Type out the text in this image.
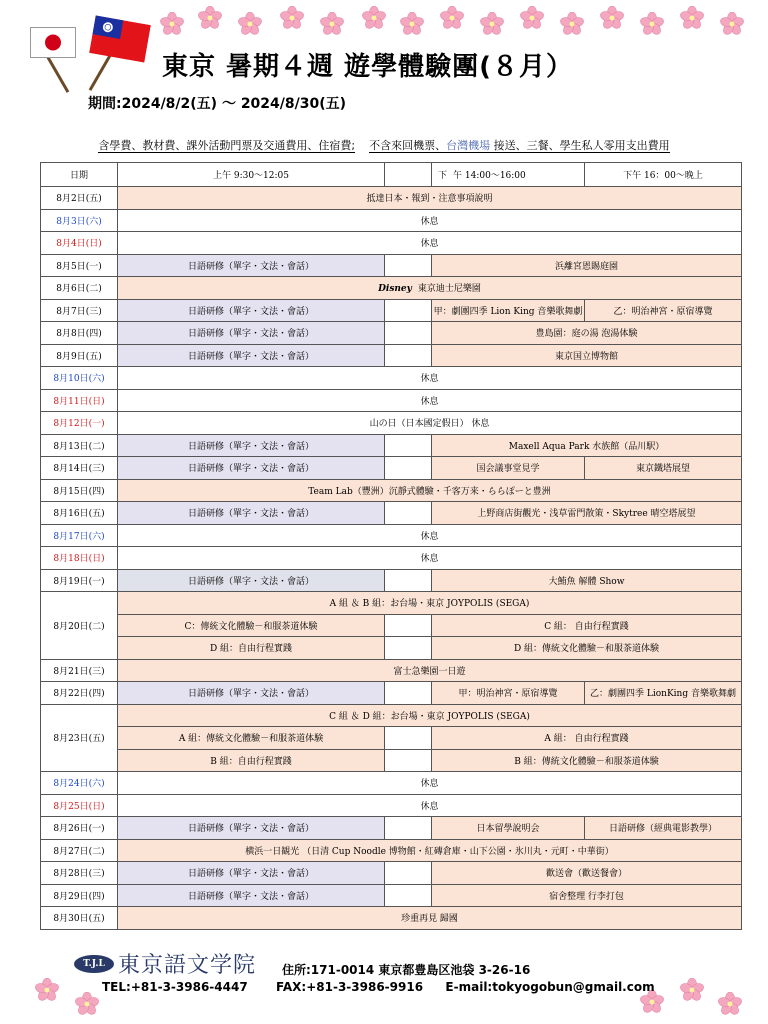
東京 暑期４週 遊學體驗團(８月）
期間:2024/8/2(五) ～ 2024/8/30(五)
含學費、教材費、課外活動門票及交通費用、住宿費; 不含來回機票、台灣機場 接送、三餐、學生私人零用支出費用
日期	上午 9:30～12:05		下 午 14:00～16:00	下午 16：00～晚上
8月2日(五)	抵達日本・報到・注意事項說明			
8月3日(六)	休息			
8月4日(日)	休息			
8月5日(一)	日語研修（單字・文法・會話）		浜離宮恩賜庭園	
8月6日(二)	Disney 東京迪士尼樂園			
8月7日(三)	日語研修（單字・文法・會話）		甲：劇團四季 Lion King 音樂歌舞劇	乙：明治神宮・原宿導覽
8月8日(四)	日語研修（單字・文法・會話）		豊島園：庭の湯 泡湯体験	
8月9日(五)	日語研修（單字・文法・會話）		東京国立博物館	
8月10日(六)	休息			
8月11日(日)	休息			
8月12日(一)	山の日（日本國定假日） 休息			
8月13日(二)	日語研修（單字・文法・會話）		Maxell Aqua Park 水族館（品川駅）	
8月14日(三)	日語研修（單字・文法・會話）		国会議事堂見学	東京鐵塔展望
8月15日(四)	Team Lab（豐洲）沉靜式體驗・千客万来・ららぽーと豊洲			
8月16日(五)	日語研修（單字・文法・會話）		上野商店街觀光・浅草雷門散策・Skytree 晴空塔展望	
8月17日(六)	休息			
8月18日(日)	休息			
8月19日(一)	日語研修（單字・文法・會話）		大鮪魚 解體 Show	
8月20日(二)	A 組 ＆ B 組：お台場・東京 JOYPOLIS (SEGA)			
	C：傳統文化體驗－和服茶道体験		C 組： 自由行程實踐	
	D 組：自由行程實踐		D 組：傳統文化體驗－和服茶道体験	
8月21日(三)	富士急樂園一日遊			
8月22日(四)	日語研修（單字・文法・會話）		甲：明治神宮・原宿導覽	乙：劇團四季 LionKing 音樂歌舞劇
8月23日(五)	C 組 ＆ D 組：お台場・東京 JOYPOLIS (SEGA)			
	A 組：傳統文化體驗－和服茶道体験		A 組： 自由行程實踐	
	B 組：自由行程實踐		B 組：傳統文化體驗－和服茶道体験	
8月24日(六)	休息			
8月25日(日)	休息			
8月26日(一)	日語研修（單字・文法・會話）		日本留學說明会	日語研修（經典電影教學）
8月27日(二)	横浜一日観光 （日清 Cup Noodle 博物館・紅磚倉庫・山下公園・氷川丸・元町・中華街）			
8月28日(三)	日語研修（單字・文法・會話）		歡送會（歡送餐會）	
8月29日(四)	日語研修（單字・文法・會話）		宿舍整理 行李打包	
8月30日(五)	珍重再見 歸國			
T.J.L 東京語文学院 住所:171-0014 東京都豊島区池袋 3-26-16
TEL:+81-3-3986-4447 FAX:+81-3-3986-9916 E-mail:tokyogobun@gmail.com
